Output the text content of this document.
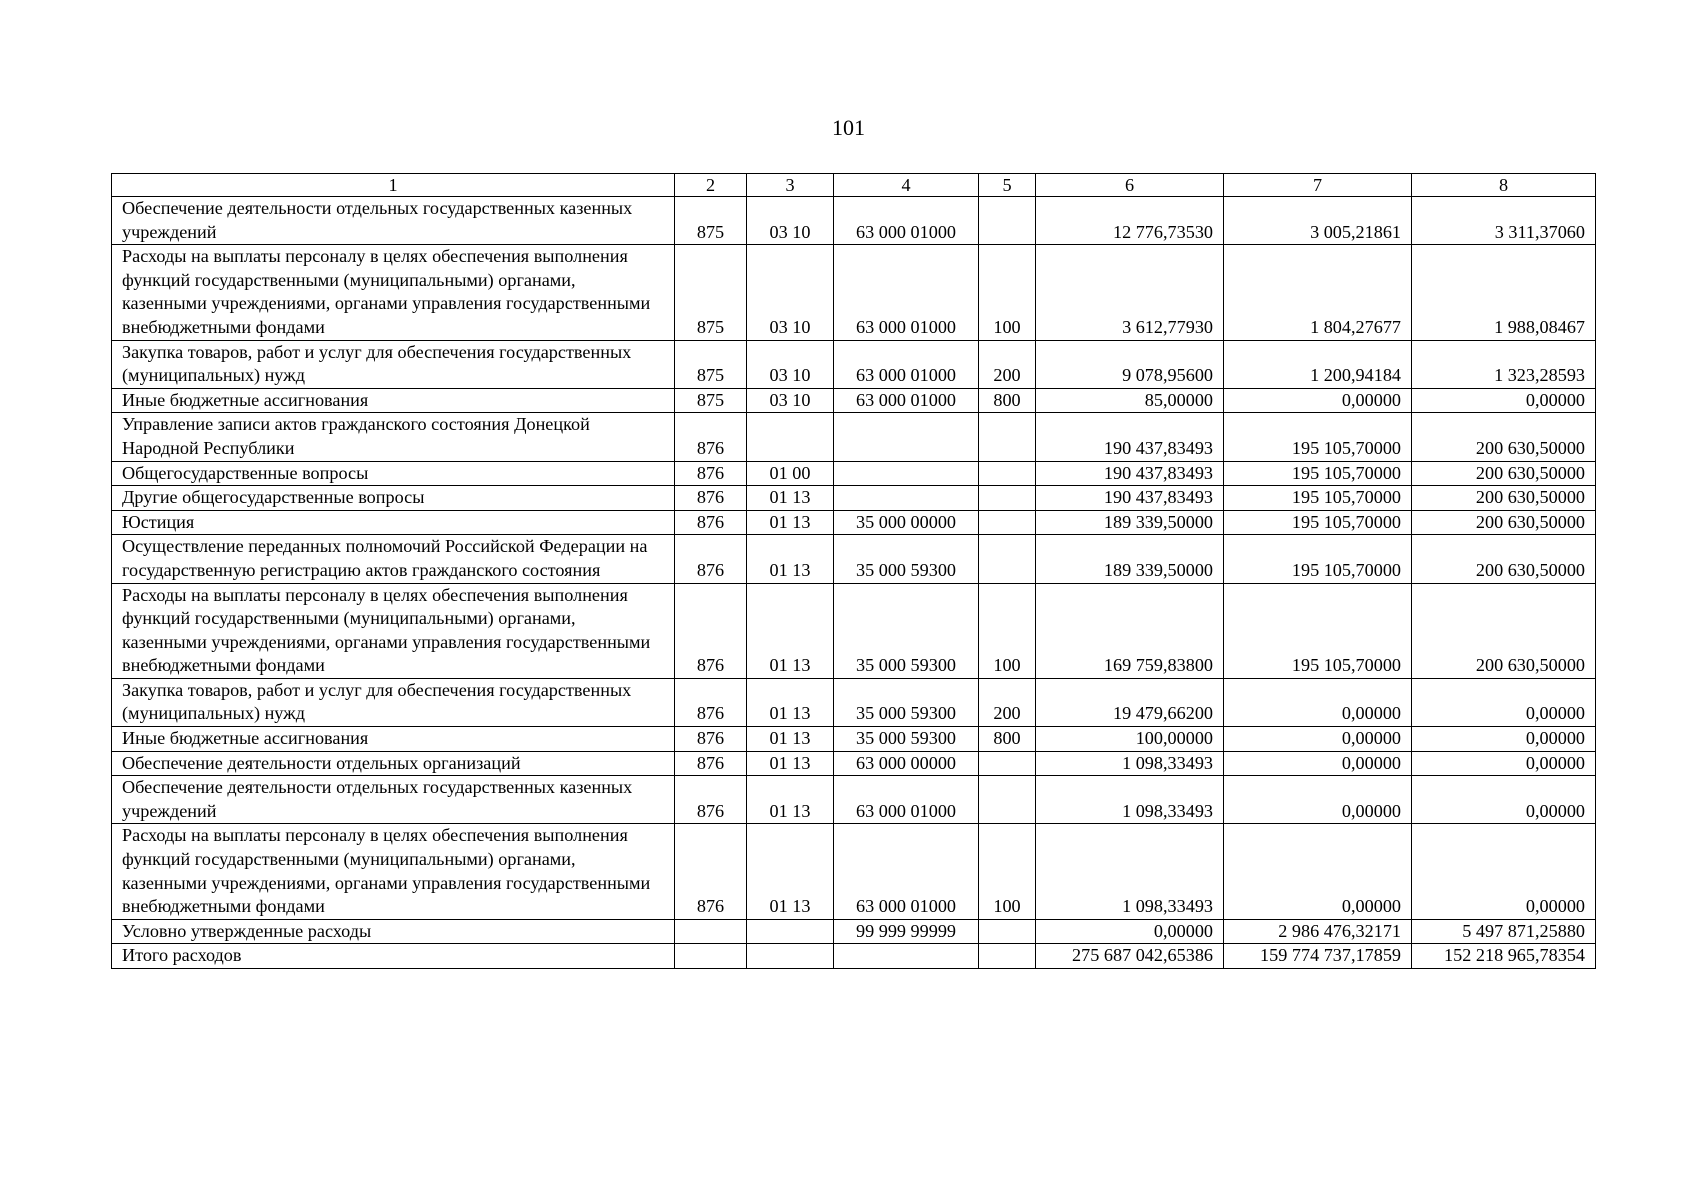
101
1	2	3	4	5	6	7	8
Обеспечение деятельности отдельных государственных казенных учреждений	875	03 10	63 000 01000		12 776,73530	3 005,21861	3 311,37060
Расходы на выплаты персоналу в целях обеспечения выполнения функций государственными (муниципальными) органами, казенными учреждениями, органами управления государственными внебюджетными фондами	875	03 10	63 000 01000	100	3 612,77930	1 804,27677	1 988,08467
Закупка товаров, работ и услуг для обеспечения государственных (муниципальных) нужд	875	03 10	63 000 01000	200	9 078,95600	1 200,94184	1 323,28593
Иные бюджетные ассигнования	875	03 10	63 000 01000	800	85,00000	0,00000	0,00000
Управление записи актов гражданского состояния Донецкой Народной Республики	876				190 437,83493	195 105,70000	200 630,50000
Общегосударственные вопросы	876	01 00			190 437,83493	195 105,70000	200 630,50000
Другие общегосударственные вопросы	876	01 13			190 437,83493	195 105,70000	200 630,50000
Юстиция	876	01 13	35 000 00000		189 339,50000	195 105,70000	200 630,50000
Осуществление переданных полномочий Российской Федерации на государственную регистрацию актов гражданского состояния	876	01 13	35 000 59300		189 339,50000	195 105,70000	200 630,50000
Расходы на выплаты персоналу в целях обеспечения выполнения функций государственными (муниципальными) органами, казенными учреждениями, органами управления государственными внебюджетными фондами	876	01 13	35 000 59300	100	169 759,83800	195 105,70000	200 630,50000
Закупка товаров, работ и услуг для обеспечения государственных (муниципальных) нужд	876	01 13	35 000 59300	200	19 479,66200	0,00000	0,00000
Иные бюджетные ассигнования	876	01 13	35 000 59300	800	100,00000	0,00000	0,00000
Обеспечение деятельности отдельных организаций	876	01 13	63 000 00000		1 098,33493	0,00000	0,00000
Обеспечение деятельности отдельных государственных казенных учреждений	876	01 13	63 000 01000		1 098,33493	0,00000	0,00000
Расходы на выплаты персоналу в целях обеспечения выполнения функций государственными (муниципальными) органами, казенными учреждениями, органами управления государственными внебюджетными фондами	876	01 13	63 000 01000	100	1 098,33493	0,00000	0,00000
Условно утвержденные расходы			99 999 99999		0,00000	2 986 476,32171	5 497 871,25880
Итого расходов					275 687 042,65386	159 774 737,17859	152 218 965,78354
